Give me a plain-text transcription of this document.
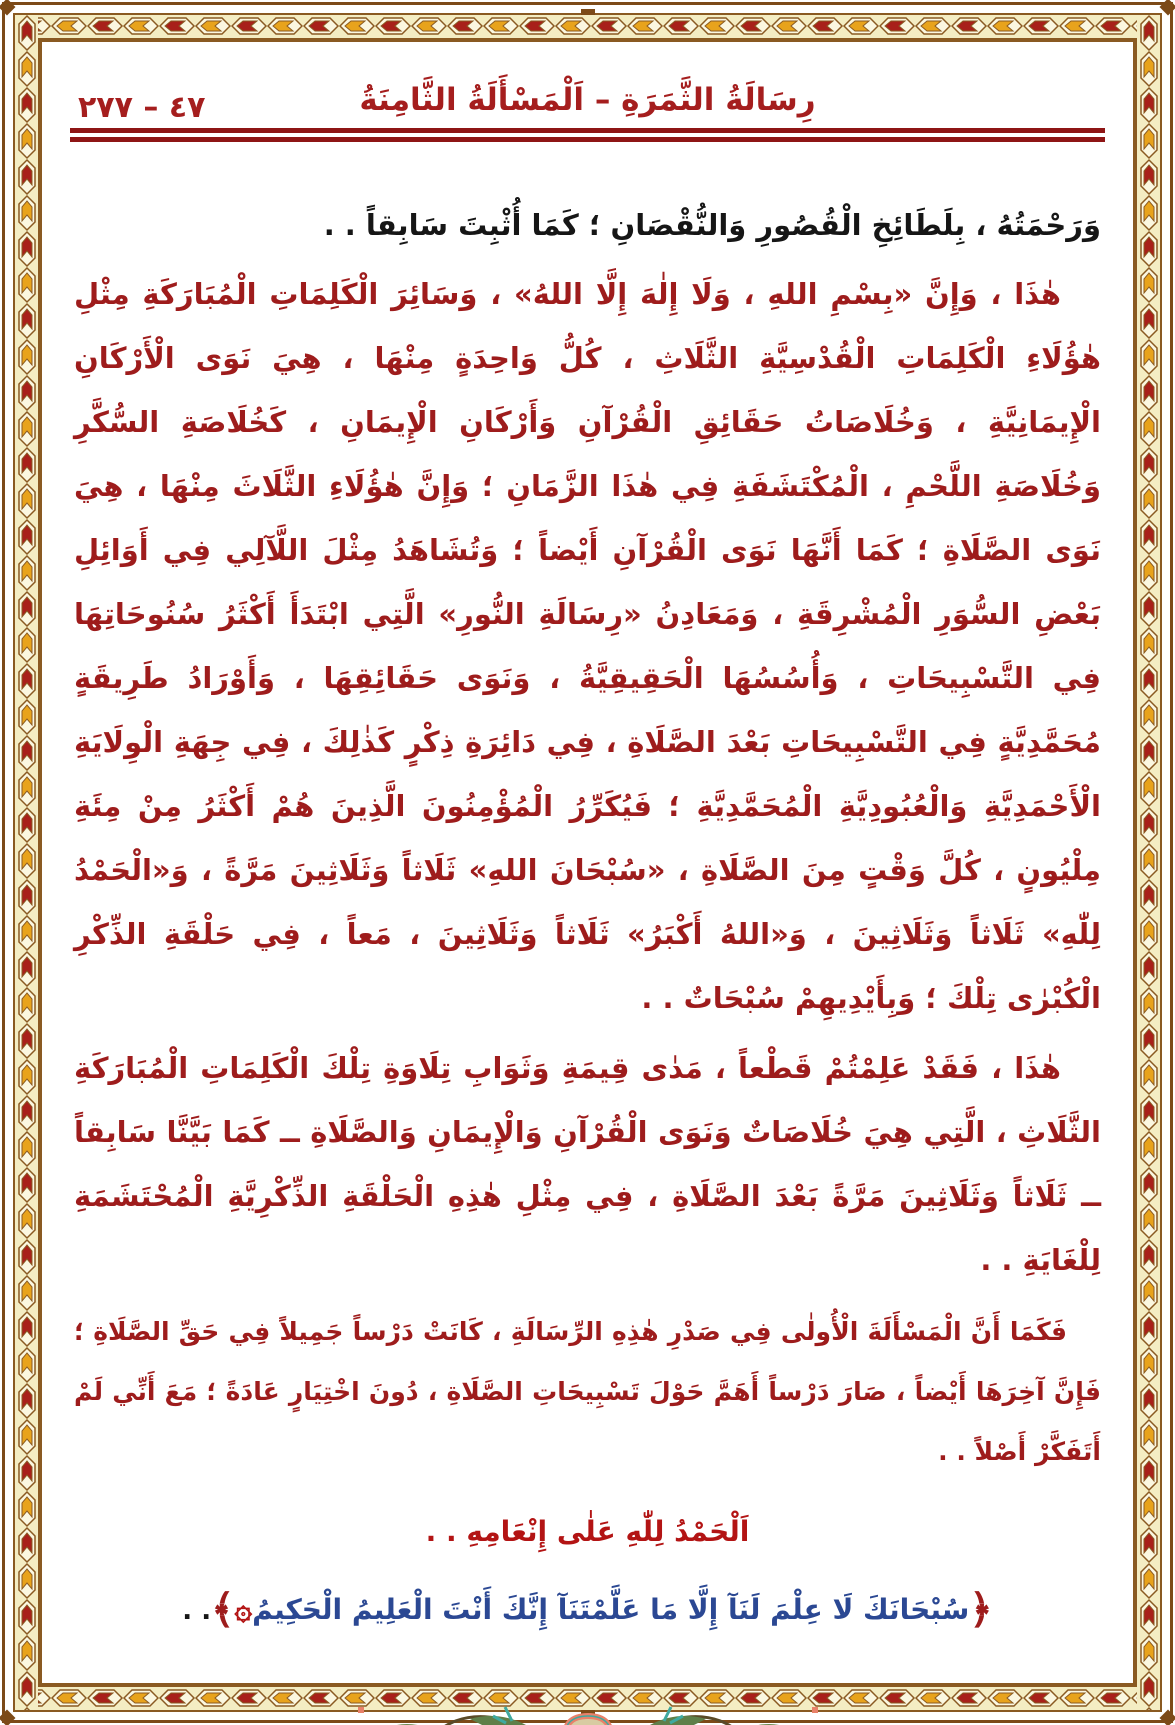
٤٧ – ٢٧٧	رِسَالَةُ الثَّمَرَةِ – اَلْمَسْأَلَةُ الثَّامِنَةُ
وَرَحْمَتُهُ ، بِلَطَائِخِ الْقُصُورِ وَالنُّقْصَانِ ؛ كَمَا أُثْبِتَ سَابِقاً . .

هٰذَا ، وَإِنَّ «بِسْمِ اللهِ ، وَلَا إِلٰهَ إِلَّا اللهُ» ، وَسَائِرَ الْكَلِمَاتِ الْمُبَارَكَةِ مِثْلِ هٰؤُلَاءِ الْكَلِمَاتِ الْقُدْسِيَّةِ الثَّلَاثِ ، كُلُّ وَاحِدَةٍ مِنْهَا ، هِيَ نَوَى الْأَرْكَانِ الْإِيمَانِيَّةِ ، وَخُلَاصَاتُ حَقَائِقِ الْقُرْآنِ وَأَرْكَانِ الْإِيمَانِ ، كَخُلَاصَةِ السُّكَّرِ وَخُلَاصَةِ اللَّحْمِ ، الْمُكْتَشَفَةِ فِي هٰذَا الزَّمَانِ ؛ وَإِنَّ هٰؤُلَاءِ الثَّلَاثَ مِنْهَا ، هِيَ نَوَى الصَّلَاةِ ؛ كَمَا أَنَّهَا نَوَى الْقُرْآنِ أَيْضاً ؛ وَتُشَاهَدُ مِثْلَ اللَّآلِي فِي أَوَائِلِ بَعْضِ السُّوَرِ الْمُشْرِقَةِ ، وَمَعَادِنُ «رِسَالَةِ النُّورِ» الَّتِي ابْتَدَأَ أَكْثَرُ سُنُوحَاتِهَا فِي التَّسْبِيحَاتِ ، وَأُسُسُهَا الْحَقِيقِيَّةُ ، وَنَوَى حَقَائِقِهَا ، وَأَوْرَادُ طَرِيقَةٍ مُحَمَّدِيَّةٍ فِي التَّسْبِيحَاتِ بَعْدَ الصَّلَاةِ ، فِي دَائِرَةِ ذِكْرٍ كَذٰلِكَ ، فِي جِهَةِ الْوِلَايَةِ الْأَحْمَدِيَّةِ وَالْعُبُودِيَّةِ الْمُحَمَّدِيَّةِ ؛ فَيُكَرِّرُ الْمُؤْمِنُونَ الَّذِينَ هُمْ أَكْثَرُ مِنْ مِئَةِ مِلْيُونٍ ، كُلَّ وَقْتٍ مِنَ الصَّلَاةِ ، «سُبْحَانَ اللهِ» ثَلَاثاً وَثَلَاثِينَ مَرَّةً ، وَ«الْحَمْدُ لِلّٰهِ» ثَلَاثاً وَثَلَاثِينَ ، وَ«اللهُ أَكْبَرُ» ثَلَاثاً وَثَلَاثِينَ ، مَعاً ، فِي حَلْقَةِ الذِّكْرِ الْكُبْرٰى تِلْكَ ؛ وَبِأَيْدِيهِمْ سُبْحَاتٌ . .

هٰذَا ، فَقَدْ عَلِمْتُمْ قَطْعاً ، مَدٰى قِيمَةِ وَثَوَابِ تِلَاوَةِ تِلْكَ الْكَلِمَاتِ الْمُبَارَكَةِ الثَّلَاثِ ، الَّتِي هِيَ خُلَاصَاتٌ وَنَوَى الْقُرْآنِ وَالْإِيمَانِ وَالصَّلَاةِ ــ كَمَا بَيَّنَّا سَابِقاً ــ ثَلَاثاً وَثَلَاثِينَ مَرَّةً بَعْدَ الصَّلَاةِ ، فِي مِثْلِ هٰذِهِ الْحَلْقَةِ الذِّكْرِيَّةِ الْمُحْتَشَمَةِ لِلْغَايَةِ . .

فَكَمَا أَنَّ الْمَسْأَلَةَ الْأُولٰى فِي صَدْرِ هٰذِهِ الرِّسَالَةِ ، كَانَتْ دَرْساً جَمِيلاً فِي حَقِّ الصَّلَاةِ ؛ فَإِنَّ آخِرَهَا أَيْضاً ، صَارَ دَرْساً أَهَمَّ حَوْلَ تَسْبِيحَاتِ الصَّلَاةِ ، دُونَ اخْتِيَارٍ عَادَةً ؛ مَعَ أَنِّي لَمْ أَتَفَكَّرْ أَصْلاً . .

اَلْحَمْدُ لِلّٰهِ عَلٰى إِنْعَامِهِ . .
﴿سُبْحَانَكَ لَا عِلْمَ لَنَآ إِلَّا مَا عَلَّمْتَنَآ إِنَّكَ أَنْتَ الْعَلِيمُ الْحَكِيمُ۞﴾. .
